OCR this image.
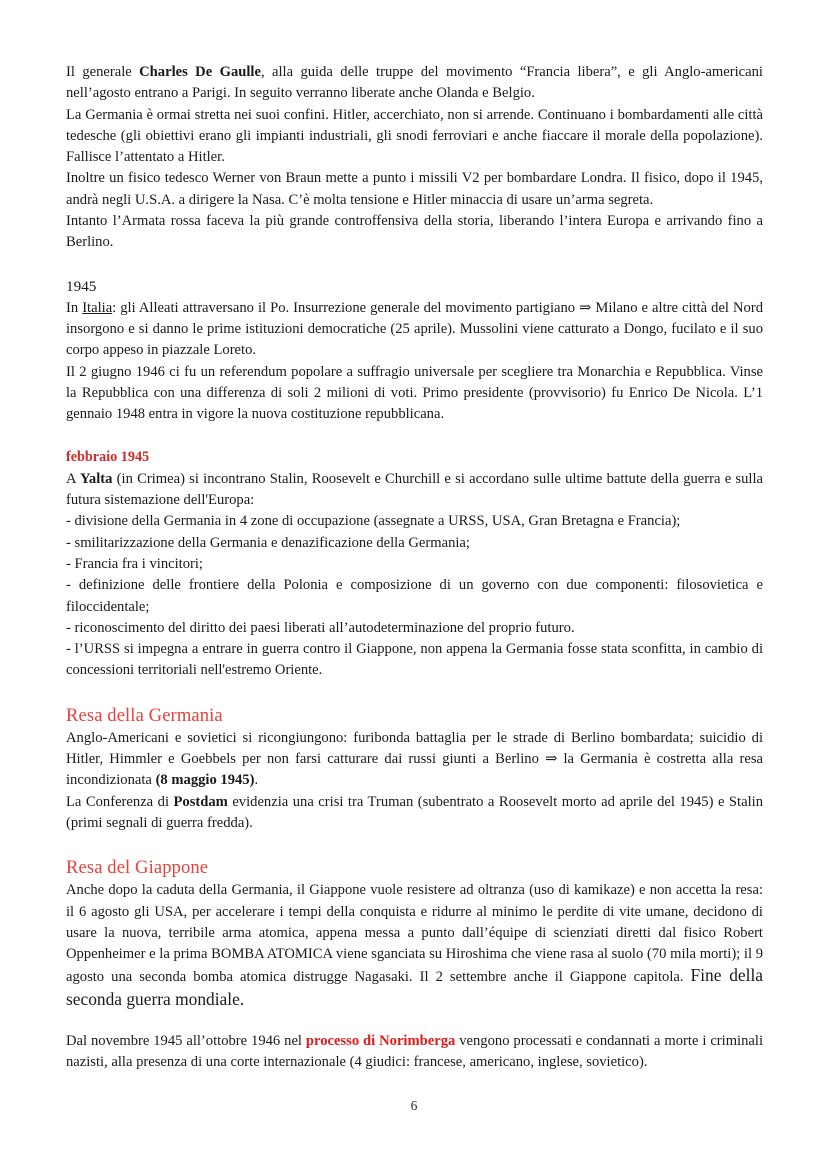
Il generale Charles De Gaulle, alla guida delle truppe del movimento “Francia libera”, e gli Anglo-americani nell’agosto entrano a Parigi. In seguito verranno liberate anche Olanda e Belgio.

La Germania è ormai stretta nei suoi confini. Hitler, accerchiato, non si arrende. Continuano i bombardamenti alle città tedesche (gli obiettivi erano gli impianti industriali, gli snodi ferroviari e anche fiaccare il morale della popolazione). Fallisce l’attentato a Hitler.

Inoltre un fisico tedesco Werner von Braun mette a punto i missili V2 per bombardare Londra. Il fisico, dopo il 1945, andrà negli U.S.A. a dirigere la Nasa. C’è molta tensione e Hitler minaccia di usare un’arma segreta.

Intanto l’Armata rossa faceva la più grande controffensiva della storia, liberando l’intera Europa e arrivando fino a Berlino.

1945

In Italia: gli Alleati attraversano il Po. Insurrezione generale del movimento partigiano ⇒ Milano e altre città del Nord insorgono e si danno le prime istituzioni democratiche (25 aprile). Mussolini viene catturato a Dongo, fucilato e il suo corpo appeso in piazzale Loreto.

Il 2 giugno 1946 ci fu un referendum popolare a suffragio universale per scegliere tra Monarchia e Repubblica. Vinse la Repubblica con una differenza di soli 2 milioni di voti. Primo presidente (provvisorio) fu Enrico De Nicola. L’1 gennaio 1948 entra in vigore la nuova costituzione repubblicana.

febbraio 1945

A Yalta (in Crimea) si incontrano Stalin, Roosevelt e Churchill e si accordano sulle ultime battute della guerra e sulla futura sistemazione dell'Europa:

- divisione della Germania in 4 zone di occupazione (assegnate a URSS, USA, Gran Bretagna e Francia);

- smilitarizzazione della Germania e denazificazione della Germania;

- Francia fra i vincitori;

- definizione delle frontiere della Polonia e composizione di un governo con due componenti: filosovietica e filoccidentale;

- riconoscimento del diritto dei paesi liberati all’autodeterminazione del proprio futuro.

- l’URSS si impegna a entrare in guerra contro il Giappone, non appena la Germania fosse stata sconfitta, in cambio di concessioni territoriali nell'estremo Oriente.

Resa della Germania

Anglo-Americani e sovietici si ricongiungono: furibonda battaglia per le strade di Berlino bombardata; suicidio di Hitler, Himmler e Goebbels per non farsi catturare dai russi giunti a Berlino ⇒ la Germania è costretta alla resa incondizionata (8 maggio 1945).

La Conferenza di Postdam evidenzia una crisi tra Truman (subentrato a Roosevelt morto ad aprile del 1945) e Stalin (primi segnali di guerra fredda).

Resa del Giappone

Anche dopo la caduta della Germania, il Giappone vuole resistere ad oltranza (uso di kamikaze) e non accetta la resa: il 6 agosto gli USA, per accelerare i tempi della conquista e ridurre al minimo le perdite di vite umane, decidono di usare la nuova, terribile arma atomica, appena messa a punto dall’équipe di scienziati diretti dal fisico Robert Oppenheimer e la prima BOMBA ATOMICA viene sganciata su Hiroshima che viene rasa al suolo (70 mila morti); il 9 agosto una seconda bomba atomica distrugge Nagasaki. Il 2 settembre anche il Giappone capitola. Fine della seconda guerra mondiale.

Dal novembre 1945 all’ottobre 1946 nel processo di Norimberga vengono processati e condannati a morte i criminali nazisti, alla presenza di una corte internazionale (4 giudici: francese, americano, inglese, sovietico).

6
